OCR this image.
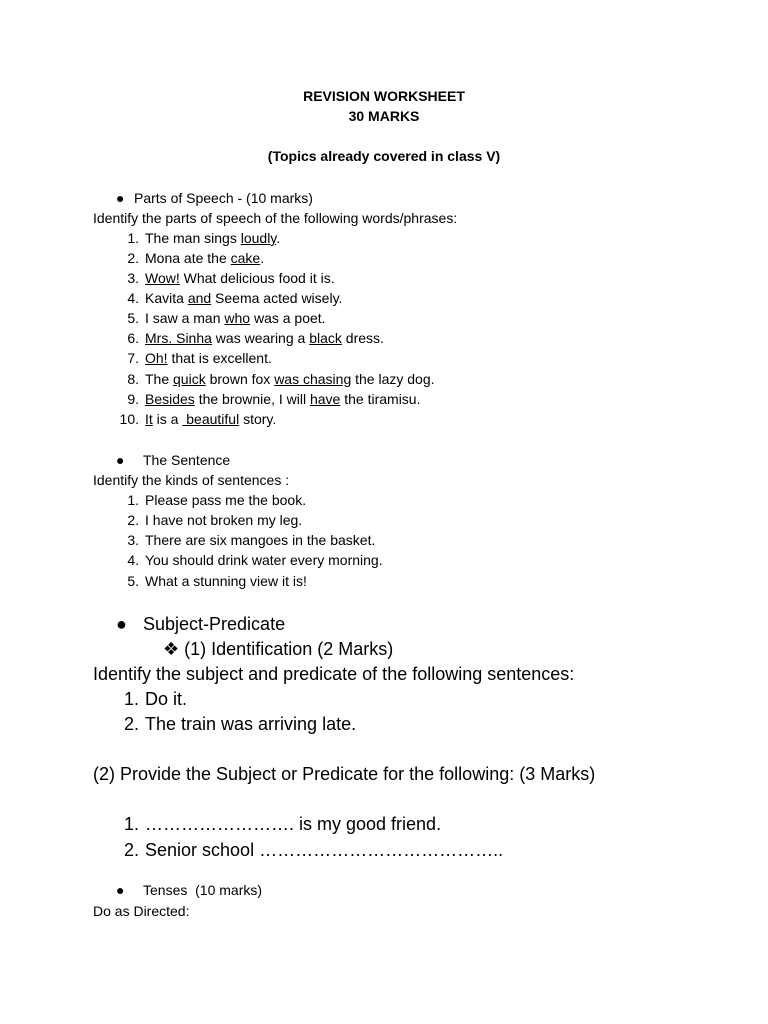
REVISION WORKSHEET
30 MARKS
(Topics already covered in class V)
● Parts of Speech - (10 marks)
Identify the parts of speech of the following words/phrases:
1. The man sings loudly.
2. Mona ate the cake.
3. Wow! What delicious food it is.
4. Kavita and Seema acted wisely.
5. I saw a man who was a poet.
6. Mrs. Sinha was wearing a black dress.
7. Oh! that is excellent.
8. The quick brown fox was chasing the lazy dog.
9. Besides the brownie, I will have the tiramisu.
10. It is a  beautiful story.
● The Sentence
Identify the kinds of sentences :
1. Please pass me the book.
2. I have not broken my leg.
3. There are six mangoes in the basket.
4. You should drink water every morning.
5. What a stunning view it is!
● Subject-Predicate
❖ (1) Identification (2 Marks)
Identify the subject and predicate of the following sentences:
1. Do it.
2. The train was arriving late.
(2) Provide the Subject or Predicate for the following: (3 Marks)
1. ……………………. is my good friend.
2. Senior school …………………………………..
● Tenses  (10 marks)
Do as Directed:
